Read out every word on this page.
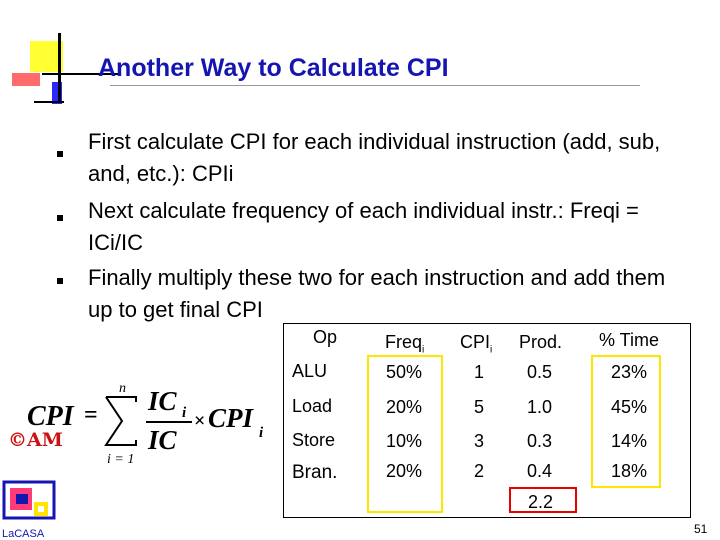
Another Way to Calculate CPI
First calculate CPI for each individual instruction (add, sub, and, etc.): CPIi
Next calculate frequency of each individual instr.: Freqi = ICi/IC
Finally multiply these two for each instruction and add them up to get final CPI
CPI =
n
i = 1
IC i
IC
× CPI i
Op	Freq$_i$ $CPI_i$ Prod. % Time
ALU	50%	1 0.5	23%
Load	20%	5 1.0	45%
Store	10%	3 0.3	14%
Bran.	20%	2 0.4	18%
2.2
©AM
LaCASA	51
